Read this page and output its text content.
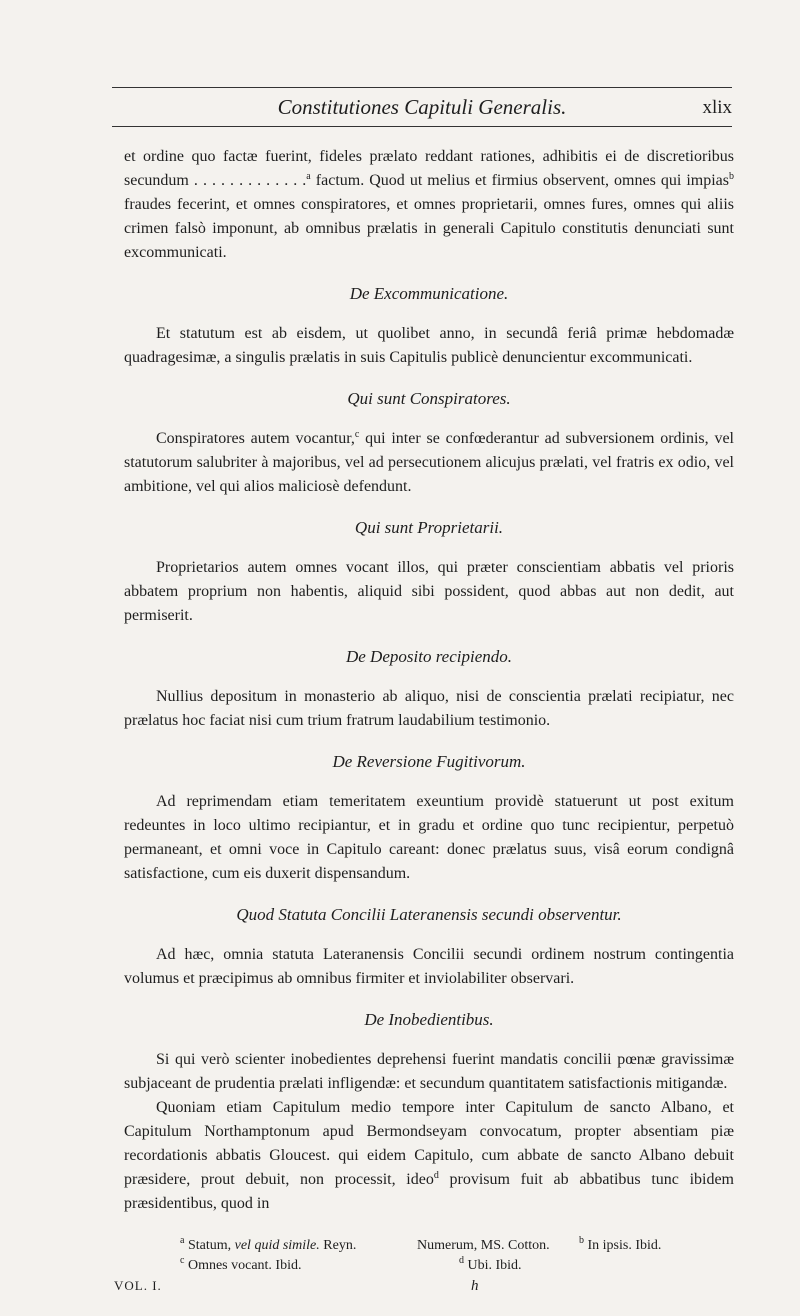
Constitutiones Capituli Generalis.	xlix

et ordine quo factæ fuerint, fideles prælato reddant rationes, adhibitis ei de discretioribus secundum . . . . . . . . . . . . .$^a$ factum. Quod ut melius et firmius observent, omnes qui impias$^b$ fraudes fecerint, et omnes conspiratores, et omnes proprietarii, omnes fures, omnes qui aliis crimen falsò imponunt, ab omnibus prælatis in generali Capitulo constitutis denunciati sunt excommunicati.

De Excommunicatione.

Et statutum est ab eisdem, ut quolibet anno, in secundâ feriâ primæ hebdomadæ quadragesimæ, a singulis prælatis in suis Capitulis publicè denuncientur excommunicati.

Qui sunt Conspiratores.

Conspiratores autem vocantur,$^c$ qui inter se confœderantur ad subversionem ordinis, vel statutorum salubriter à majoribus, vel ad persecutionem alicujus prælati, vel fratris ex odio, vel ambitione, vel qui alios maliciosè defendunt.

Qui sunt Proprietarii.

Proprietarios autem omnes vocant illos, qui præter conscientiam abbatis vel prioris abbatem proprium non habentis, aliquid sibi possident, quod abbas aut non dedit, aut permiserit.

De Deposito recipiendo.

Nullius depositum in monasterio ab aliquo, nisi de conscientia prælati recipiatur, nec prælatus hoc faciat nisi cum trium fratrum laudabilium testimonio.

De Reversione Fugitivorum.

Ad reprimendam etiam temeritatem exeuntium providè statuerunt ut post exitum redeuntes in loco ultimo recipiantur, et in gradu et ordine quo tunc recipientur, perpetuò permaneant, et omni voce in Capitulo careant: donec prælatus suus, visâ eorum condignâ satisfactione, cum eis duxerit dispensandum.

Quod Statuta Concilii Lateranensis secundi observentur.

Ad hæc, omnia statuta Lateranensis Concilii secundi ordinem nostrum contingentia volumus et præcipimus ab omnibus firmiter et inviolabiliter observari.

De Inobedientibus.

Si qui verò scienter inobedientes deprehensi fuerint mandatis concilii pœnæ gravissimæ subjaceant de prudentia prælati infligendæ: et secundum quantitatem satisfactionis mitigandæ.

Quoniam etiam Capitulum medio tempore inter Capitulum de sancto Albano, et Capitulum Northamptonum apud Bermondseyam convocatum, propter absentiam piæ recordationis abbatis Gloucest. qui eidem Capitulo, cum abbate de sancto Albano debuit præsidere, prout debuit, non processit, ideo$^d$ provisum fuit ab abbatibus tunc ibidem præsidentibus, quod in

$^a$ Statum, vel quid simile. Reyn.	Numerum, MS. Cotton.	$^b$ In ipsis. Ibid.
$^c$ Omnes vocant. Ibid.	$^d$ Ubi. Ibid.
VOL. I.	h
